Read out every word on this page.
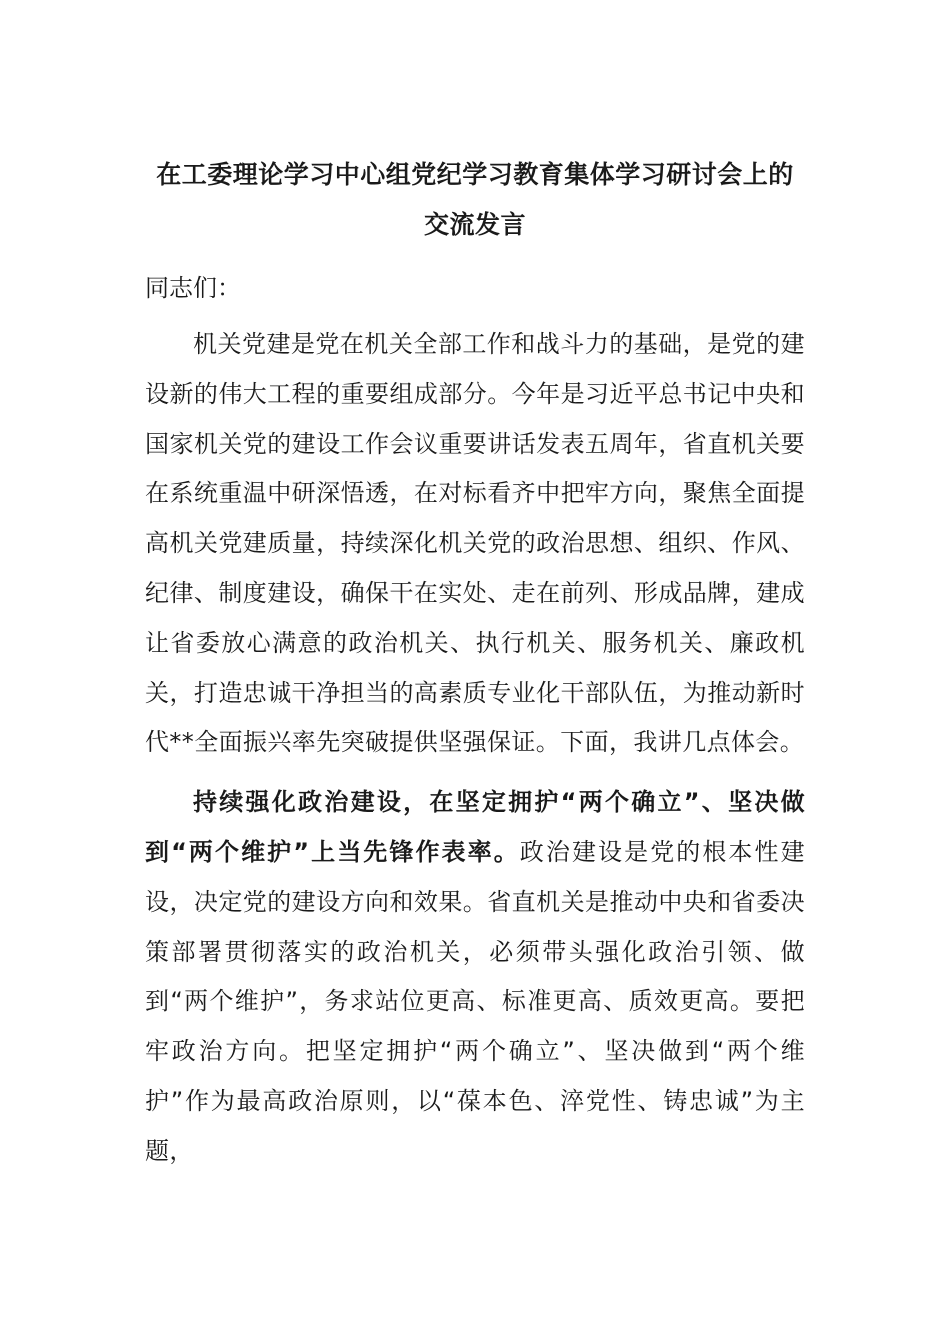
在工委理论学习中心组党纪学习教育集体学习研讨会上的
交流发言
同志们：

机关党建是党在机关全部工作和战斗力的基础，是党的建设新的伟大工程的重要组成部分。今年是习近平总书记中央和国家机关党的建设工作会议重要讲话发表五周年，省直机关要在系统重温中研深悟透，在对标看齐中把牢方向，聚焦全面提高机关党建质量，持续深化机关党的政治思想、组织、作风、纪律、制度建设，确保干在实处、走在前列、形成品牌，建成让省委放心满意的政治机关、执行机关、服务机关、廉政机关，打造忠诚干净担当的高素质专业化干部队伍，为推动新时代**全面振兴率先突破提供坚强保证。下面，我讲几点体会。

持续强化政治建设，在坚定拥护“两个确立”、坚决做到“两个维护”上当先锋作表率。政治建设是党的根本性建设，决定党的建设方向和效果。省直机关是推动中央和省委决策部署贯彻落实的政治机关，必须带头强化政治引领、做到“两个维护”，务求站位更高、标准更高、质效更高。要把牢政治方向。把坚定拥护“两个确立”、坚决做到“两个维护”作为最高政治原则，以“葆本色、淬党性、铸忠诚”为主题，
